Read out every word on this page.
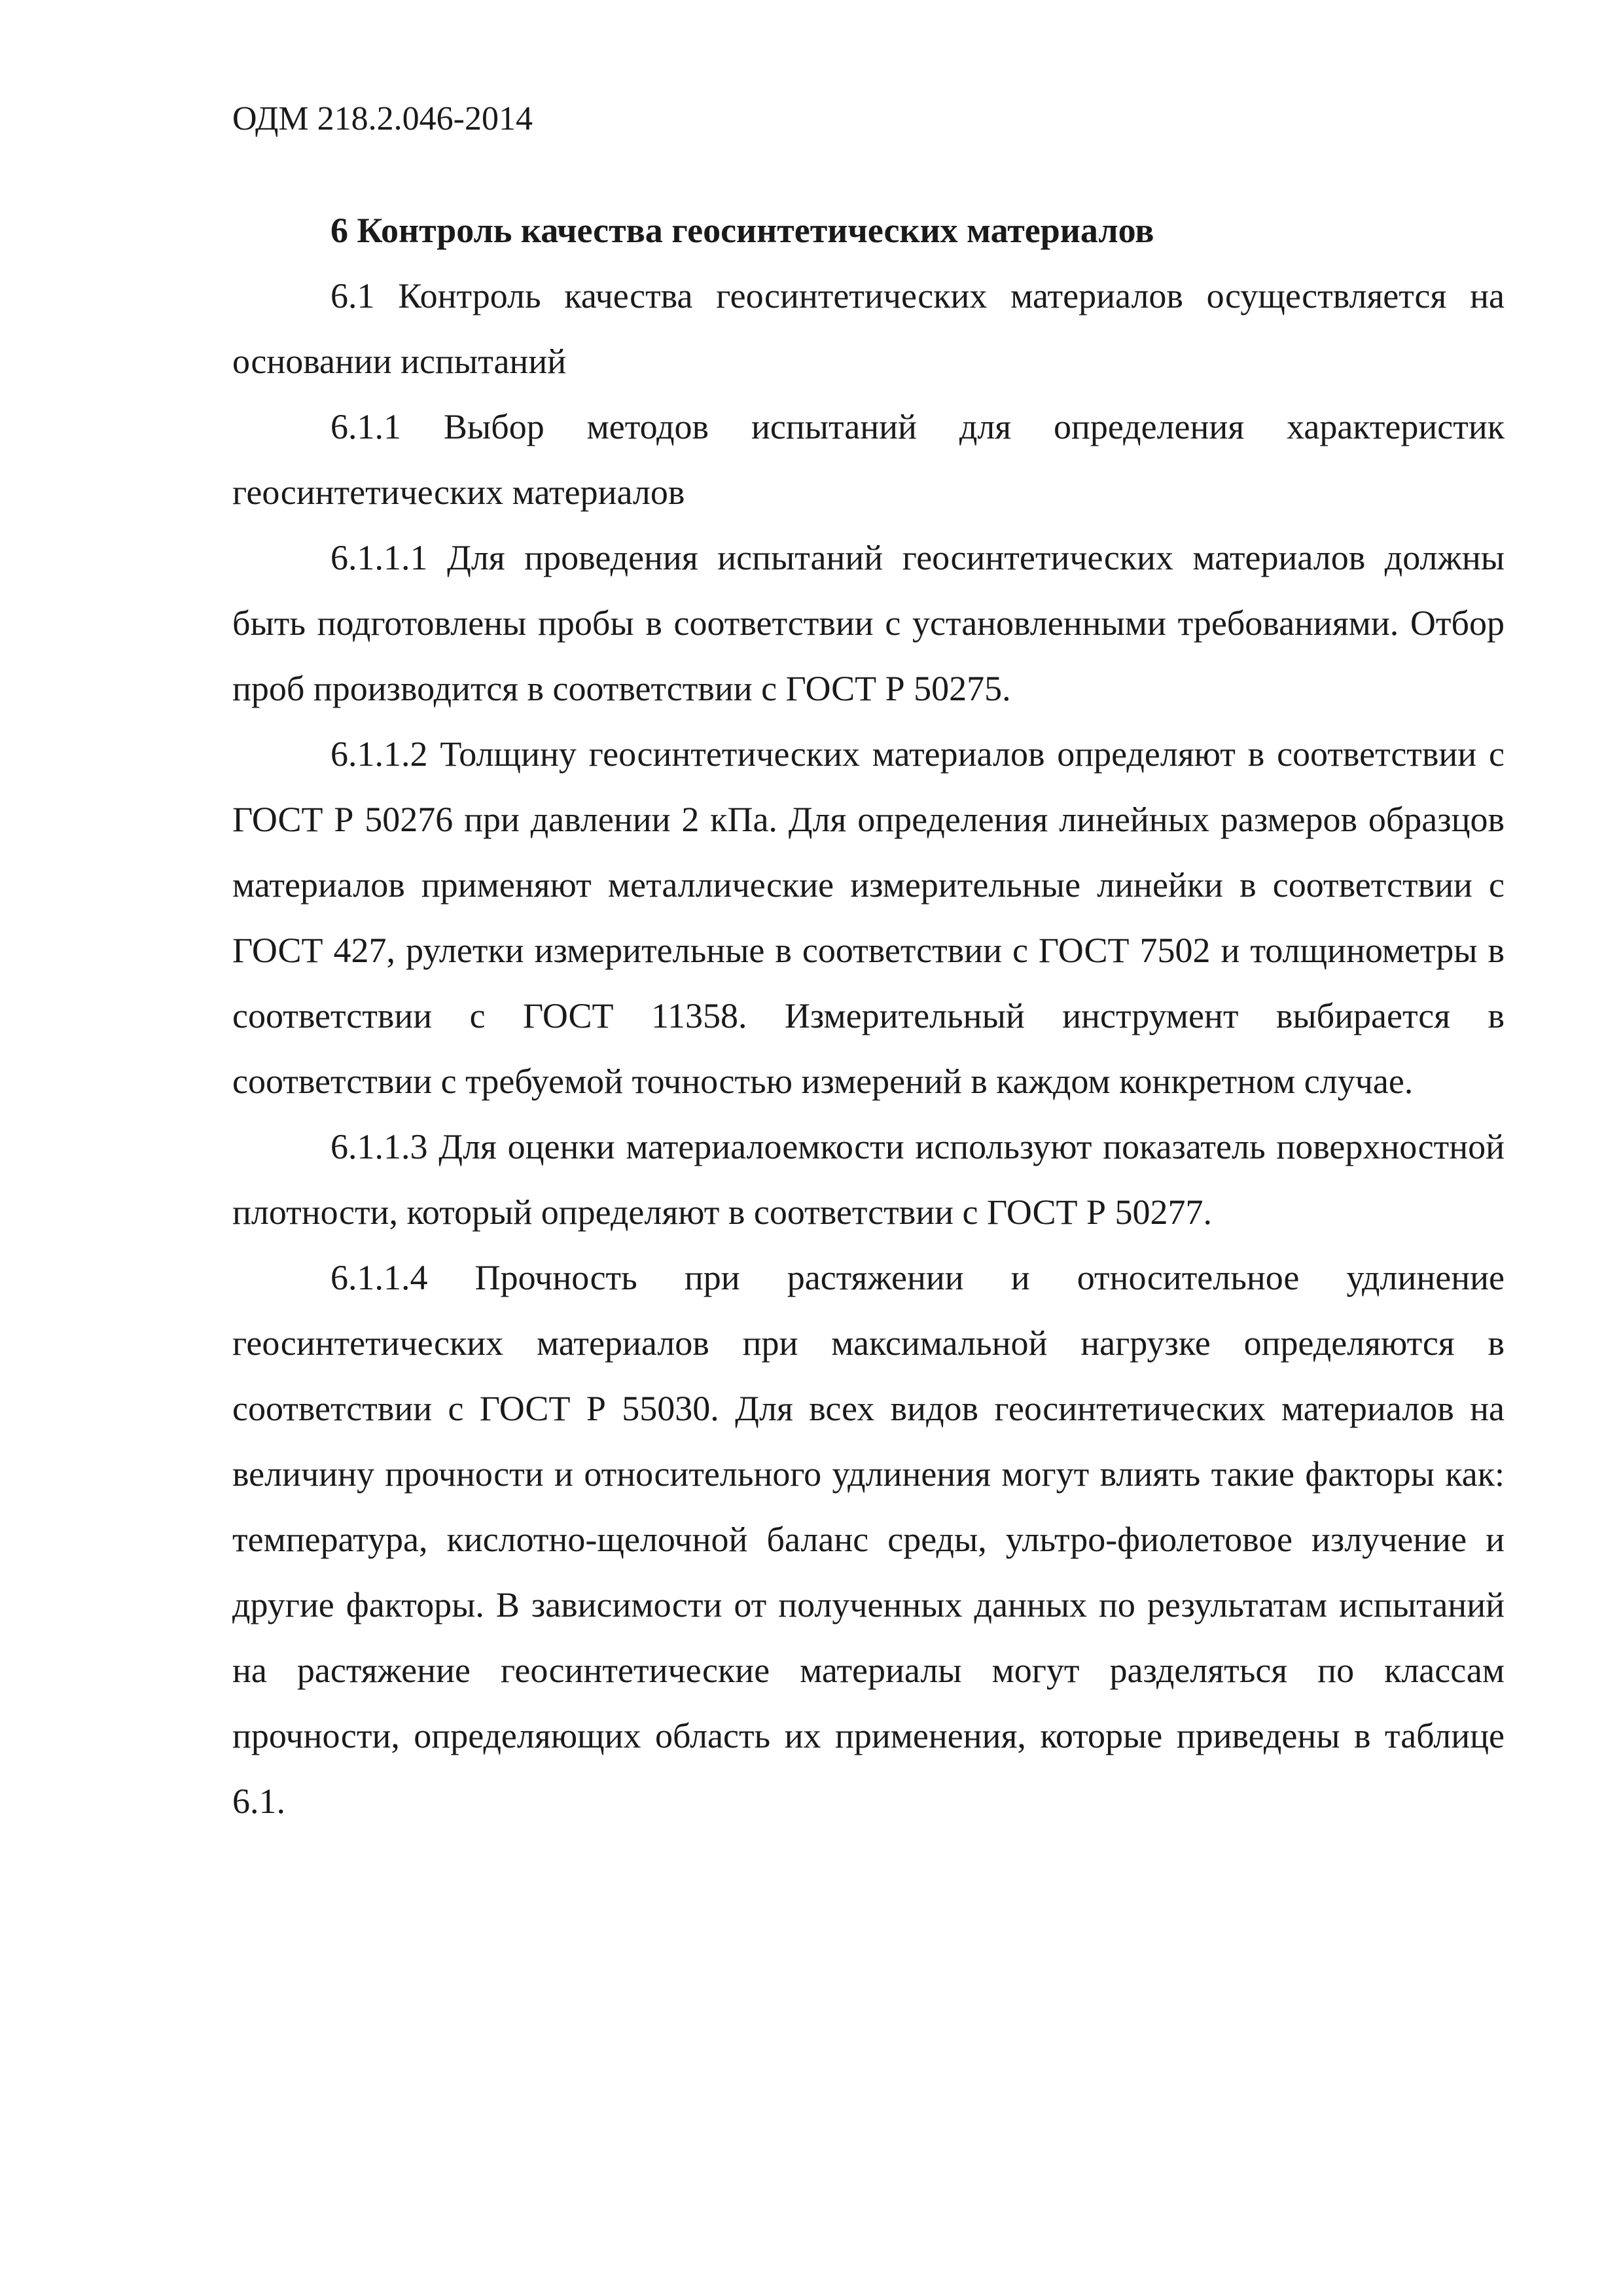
ОДМ 218.2.046-2014
6 Контроль качества геосинтетических материалов

6.1 Контроль качества геосинтетических материалов осуществляется на основании испытаний

6.1.1 Выбор методов испытаний для определения характеристик геосинтетических материалов

6.1.1.1 Для проведения испытаний геосинтетических материалов должны быть подготовлены пробы в соответствии с установленными требованиями. Отбор проб производится в соответствии с ГОСТ Р 50275.

6.1.1.2 Толщину геосинтетических материалов определяют в соответствии с ГОСТ Р 50276 при давлении 2 кПа. Для определения линейных размеров образцов материалов применяют металлические измерительные линейки в соответствии с ГОСТ 427, рулетки измерительные в соответствии с ГОСТ 7502 и толщинометры в соответствии с ГОСТ 11358. Измерительный инструмент выбирается в соответствии с требуемой точностью измерений в каждом конкретном случае.

6.1.1.3 Для оценки материалоемкости используют показатель поверхностной плотности, который определяют в соответствии с ГОСТ Р 50277.

6.1.1.4 Прочность при растяжении и относительное удлинение геосинтетических материалов при максимальной нагрузке определяются в соответствии с ГОСТ Р 55030. Для всех видов геосинтетических материалов на величину прочности и относительного удлинения могут влиять такие факторы как: температура, кислотно-щелочной баланс среды, ультро-фиолетовое излучение и другие факторы. В зависимости от полученных данных по результатам испытаний на растяжение геосинтетические материалы могут разделяться по классам прочности, определяющих область их применения, которые приведены в таблице 6.1.
